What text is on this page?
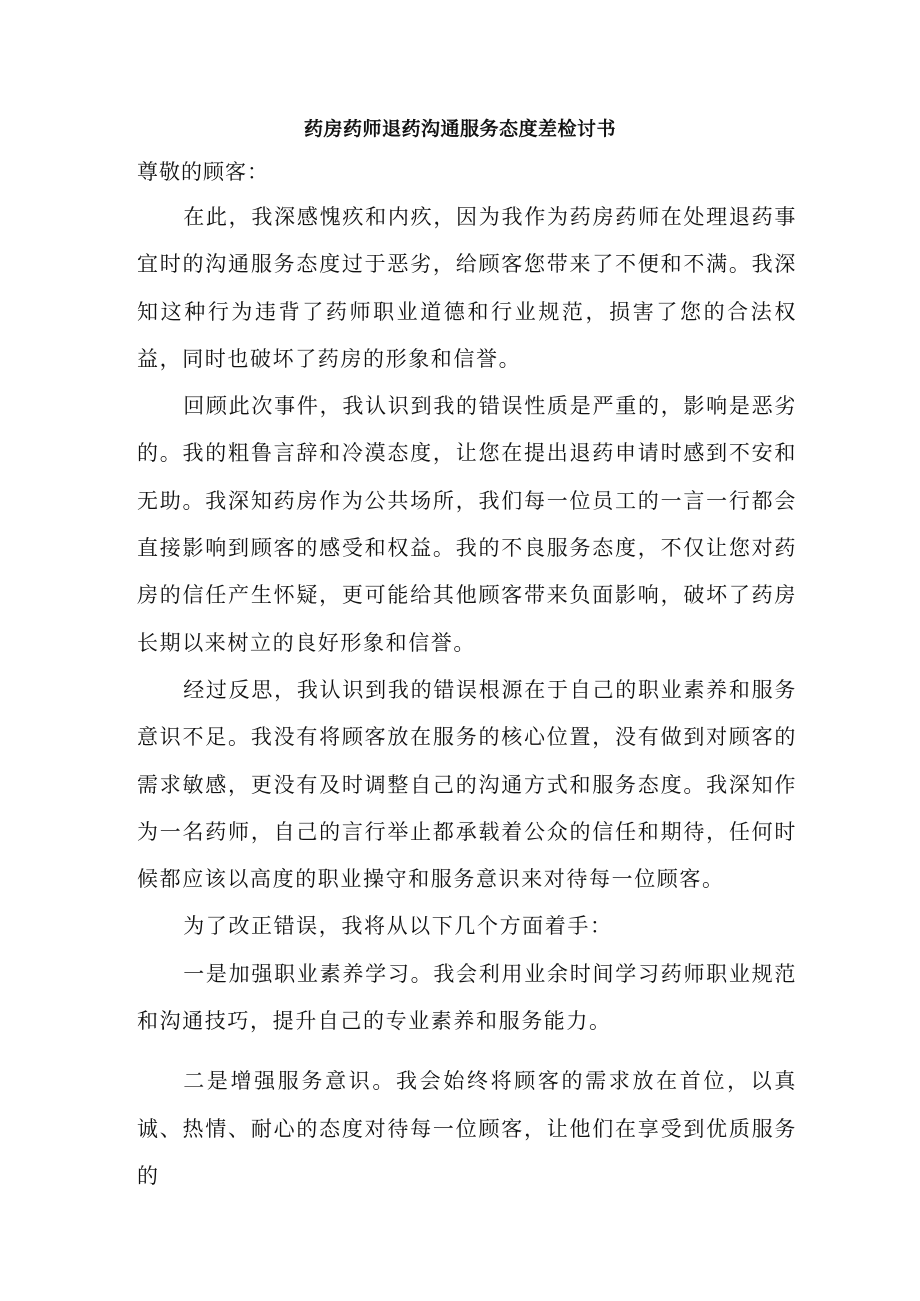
药房药师退药沟通服务态度差检讨书
尊敬的顾客：

在此，我深感愧疚和内疚，因为我作为药房药师在处理退药事宜时的沟通服务态度过于恶劣，给顾客您带来了不便和不满。我深知这种行为违背了药师职业道德和行业规范，损害了您的合法权益，同时也破坏了药房的形象和信誉。

回顾此次事件，我认识到我的错误性质是严重的，影响是恶劣的。我的粗鲁言辞和冷漠态度，让您在提出退药申请时感到不安和无助。我深知药房作为公共场所，我们每一位员工的一言一行都会直接影响到顾客的感受和权益。我的不良服务态度，不仅让您对药房的信任产生怀疑，更可能给其他顾客带来负面影响，破坏了药房长期以来树立的良好形象和信誉。

经过反思，我认识到我的错误根源在于自己的职业素养和服务意识不足。我没有将顾客放在服务的核心位置，没有做到对顾客的需求敏感，更没有及时调整自己的沟通方式和服务态度。我深知作为一名药师，自己的言行举止都承载着公众的信任和期待，任何时候都应该以高度的职业操守和服务意识来对待每一位顾客。

为了改正错误，我将从以下几个方面着手：

一是加强职业素养学习。我会利用业余时间学习药师职业规范和沟通技巧，提升自己的专业素养和服务能力。

二是增强服务意识。我会始终将顾客的需求放在首位，以真诚、热情、耐心的态度对待每一位顾客，让他们在享受到优质服务的
